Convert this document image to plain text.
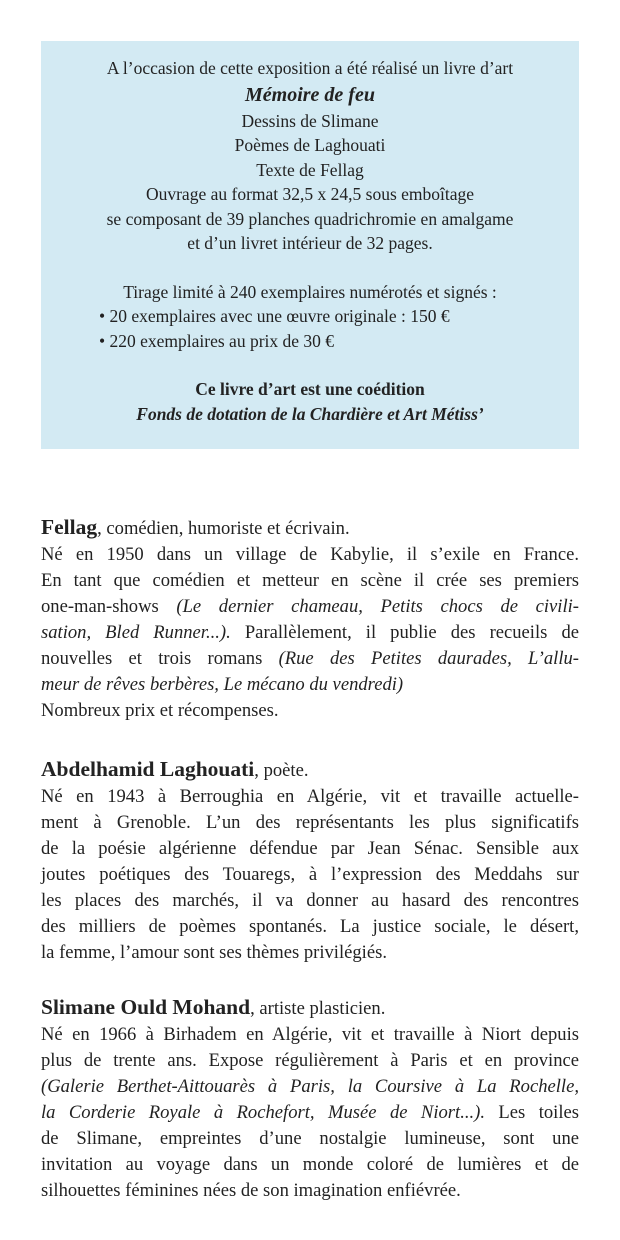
A l’occasion de cette exposition a été réalisé un livre d’art
Mémoire de feu
Dessins de Slimane
Poèmes de Laghouati
Texte de Fellag
Ouvrage au format 32,5 x 24,5 sous emboîtage
se composant de 39 planches quadrichromie en amalgame
et d’un livret intérieur de 32 pages.
Tirage limité à 240 exemplaires numérotés et signés :
• 20 exemplaires avec une œuvre originale : 150 €
• 220 exemplaires au prix de 30 €
Ce livre d’art est une coédition
Fonds de dotation de la Chardière et Art Métiss’

Fellag, comédien, humoriste et écrivain.
Né en 1950 dans un village de Kabylie, il s’exile en France.
En tant que comédien et metteur en scène il crée ses premiers
one-man-shows (Le dernier chameau, Petits chocs de civili-
sation, Bled Runner...). Parallèlement, il publie des recueils de
nouvelles et trois romans (Rue des Petites daurades, L’allu-
meur de rêves berbères, Le mécano du vendredi)
Nombreux prix et récompenses.

Abdelhamid Laghouati, poète.
Né en 1943 à Berroughia en Algérie, vit et travaille actuelle-
ment à Grenoble. L’un des représentants les plus significatifs
de la poésie algérienne défendue par Jean Sénac. Sensible aux
joutes poétiques des Touaregs, à l’expression des Meddahs sur
les places des marchés, il va donner au hasard des rencontres
des milliers de poèmes spontanés. La justice sociale, le désert,
la femme, l’amour sont ses thèmes privilégiés.

Slimane Ould Mohand, artiste plasticien.
Né en 1966 à Birhadem en Algérie, vit et travaille à Niort depuis
plus de trente ans. Expose régulièrement à Paris et en province
(Galerie Berthet-Aittouarès à Paris, la Coursive à La Rochelle,
la Corderie Royale à Rochefort, Musée de Niort...). Les toiles
de Slimane, empreintes d’une nostalgie lumineuse, sont une
invitation au voyage dans un monde coloré de lumières et de
silhouettes féminines nées de son imagination enfiévrée.
